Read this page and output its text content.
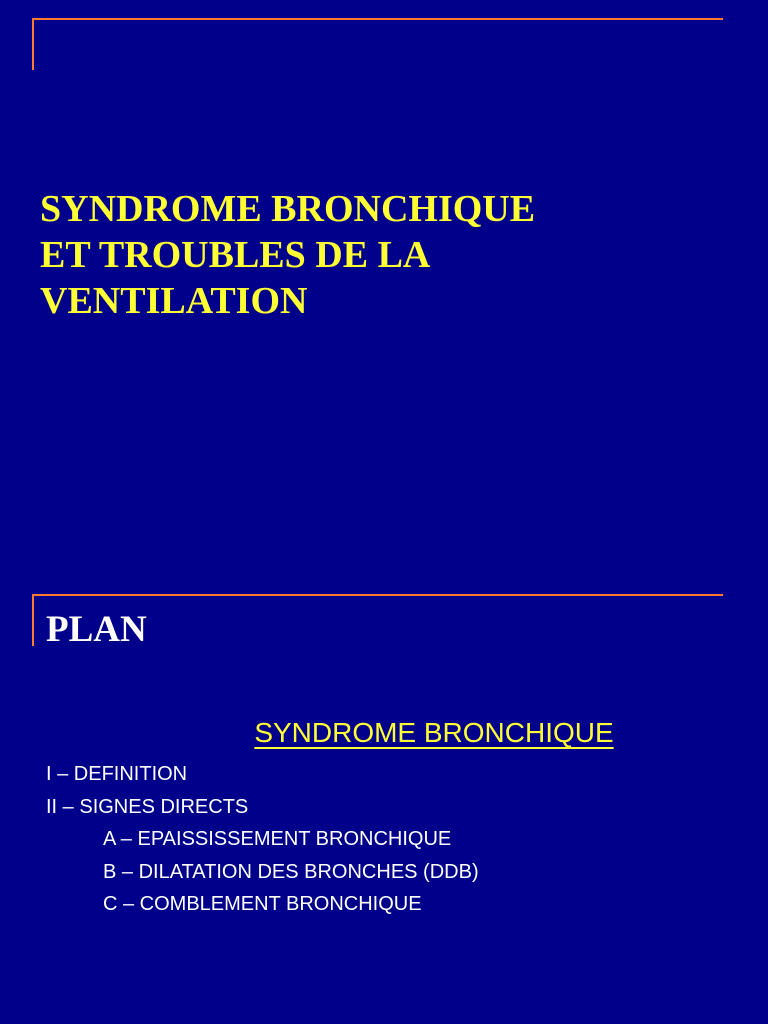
SYNDROME BRONCHIQUE
ET TROUBLES DE LA
VENTILATION
PLAN
SYNDROME BRONCHIQUE
I – DEFINITION
II – SIGNES DIRECTS
A – EPAISSISSEMENT BRONCHIQUE
B – DILATATION DES BRONCHES (DDB)
C – COMBLEMENT BRONCHIQUE
